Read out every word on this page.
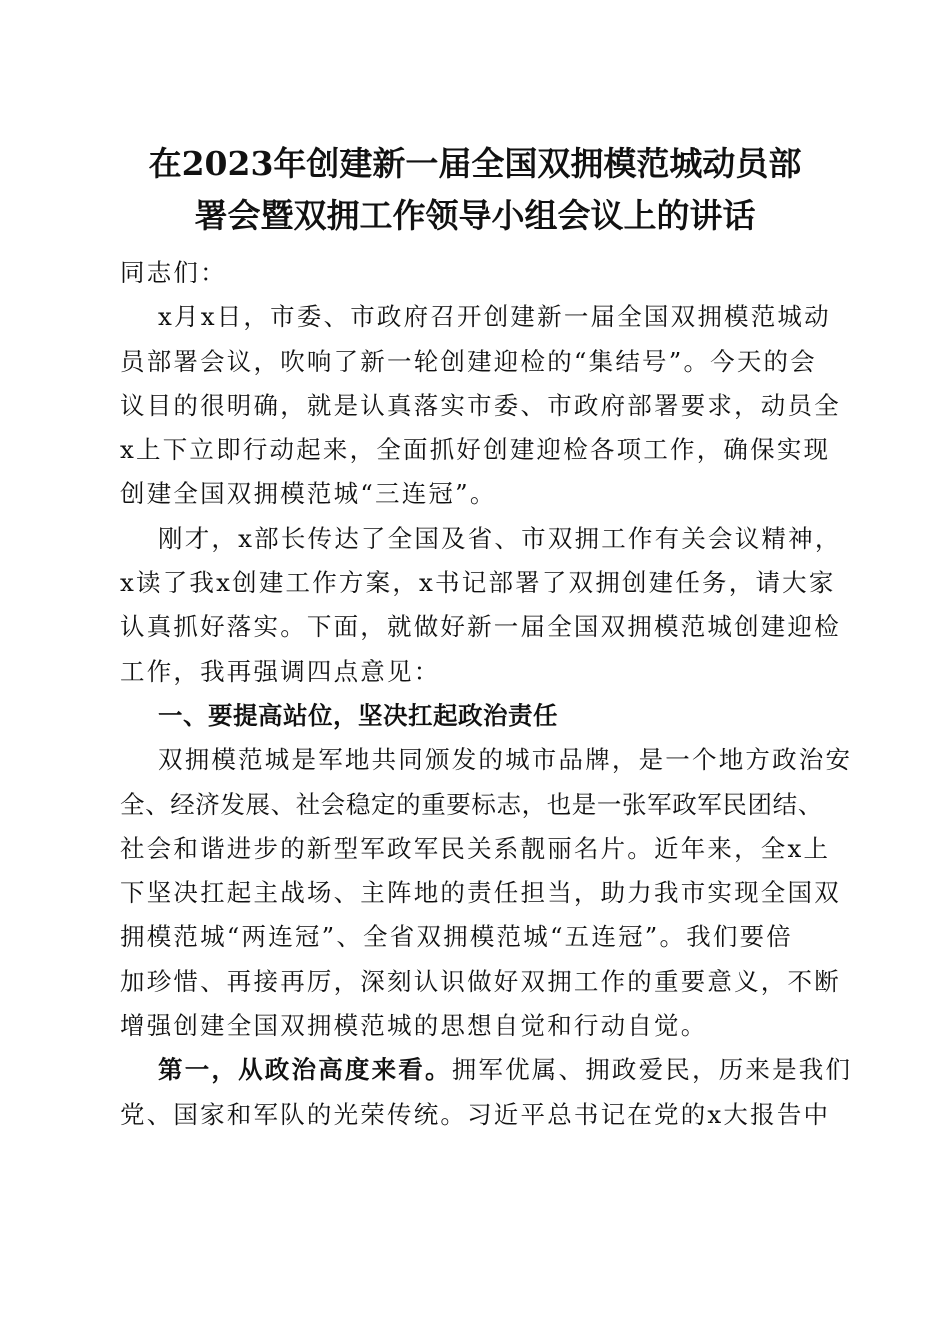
在2023年创建新一届全国双拥模范城动员部
署会暨双拥工作领导小组会议上的讲话

同志们：

x月x日，市委、市政府召开创建新一届全国双拥模范城动
员部署会议，吹响了新一轮创建迎检的“集结号”。今天的会
议目的很明确，就是认真落实市委、市政府部署要求，动员全
x上下立即行动起来，全面抓好创建迎检各项工作，确保实现
创建全国双拥模范城“三连冠”。

刚才，x部长传达了全国及省、市双拥工作有关会议精神，
x读了我x创建工作方案，x书记部署了双拥创建任务，请大家
认真抓好落实。下面，就做好新一届全国双拥模范城创建迎检
工作，我再强调四点意见：

一、要提高站位，坚决扛起政治责任

双拥模范城是军地共同颁发的城市品牌，是一个地方政治安
全、经济发展、社会稳定的重要标志，也是一张军政军民团结、
社会和谐进步的新型军政军民关系靓丽名片。近年来，全x上
下坚决扛起主战场、主阵地的责任担当，助力我市实现全国双
拥模范城“两连冠”、全省双拥模范城“五连冠”。我们要倍
加珍惜、再接再厉，深刻认识做好双拥工作的重要意义，不断
增强创建全国双拥模范城的思想自觉和行动自觉。

第一，从政治高度来看。拥军优属、拥政爱民，历来是我们
党、国家和军队的光荣传统。习近平总书记在党的x大报告中
